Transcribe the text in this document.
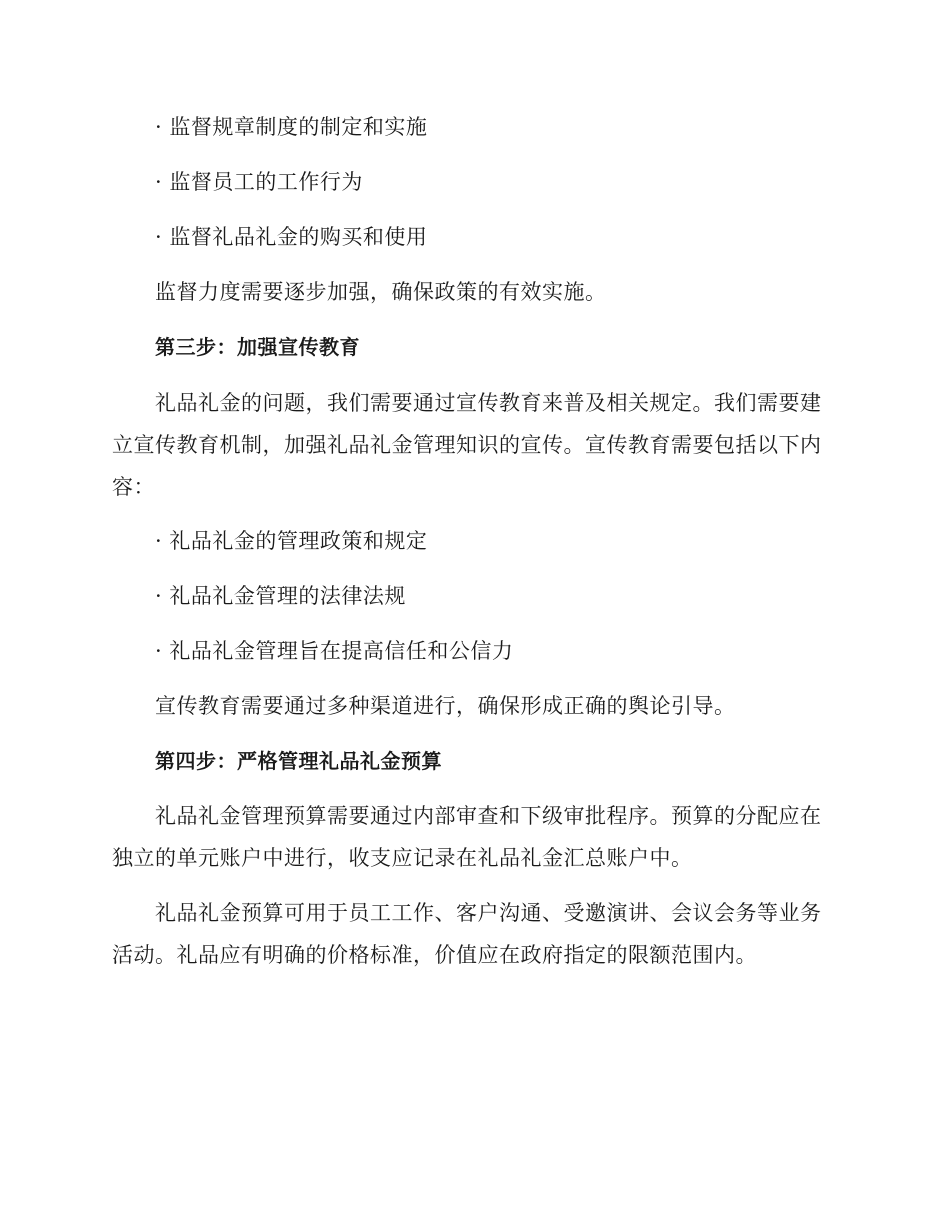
· 监督规章制度的制定和实施
· 监督员工的工作行为
· 监督礼品礼金的购买和使用
监督力度需要逐步加强，确保政策的有效实施。
第三步：加强宣传教育
礼品礼金的问题，我们需要通过宣传教育来普及相关规定。我们需要建
立宣传教育机制，加强礼品礼金管理知识的宣传。宣传教育需要包括以下内
容：
· 礼品礼金的管理政策和规定
· 礼品礼金管理的法律法规
· 礼品礼金管理旨在提高信任和公信力
宣传教育需要通过多种渠道进行，确保形成正确的舆论引导。
第四步：严格管理礼品礼金预算
礼品礼金管理预算需要通过内部审查和下级审批程序。预算的分配应在
独立的单元账户中进行，收支应记录在礼品礼金汇总账户中。
礼品礼金预算可用于员工工作、客户沟通、受邀演讲、会议会务等业务
活动。礼品应有明确的价格标准，价值应在政府指定的限额范围内。
